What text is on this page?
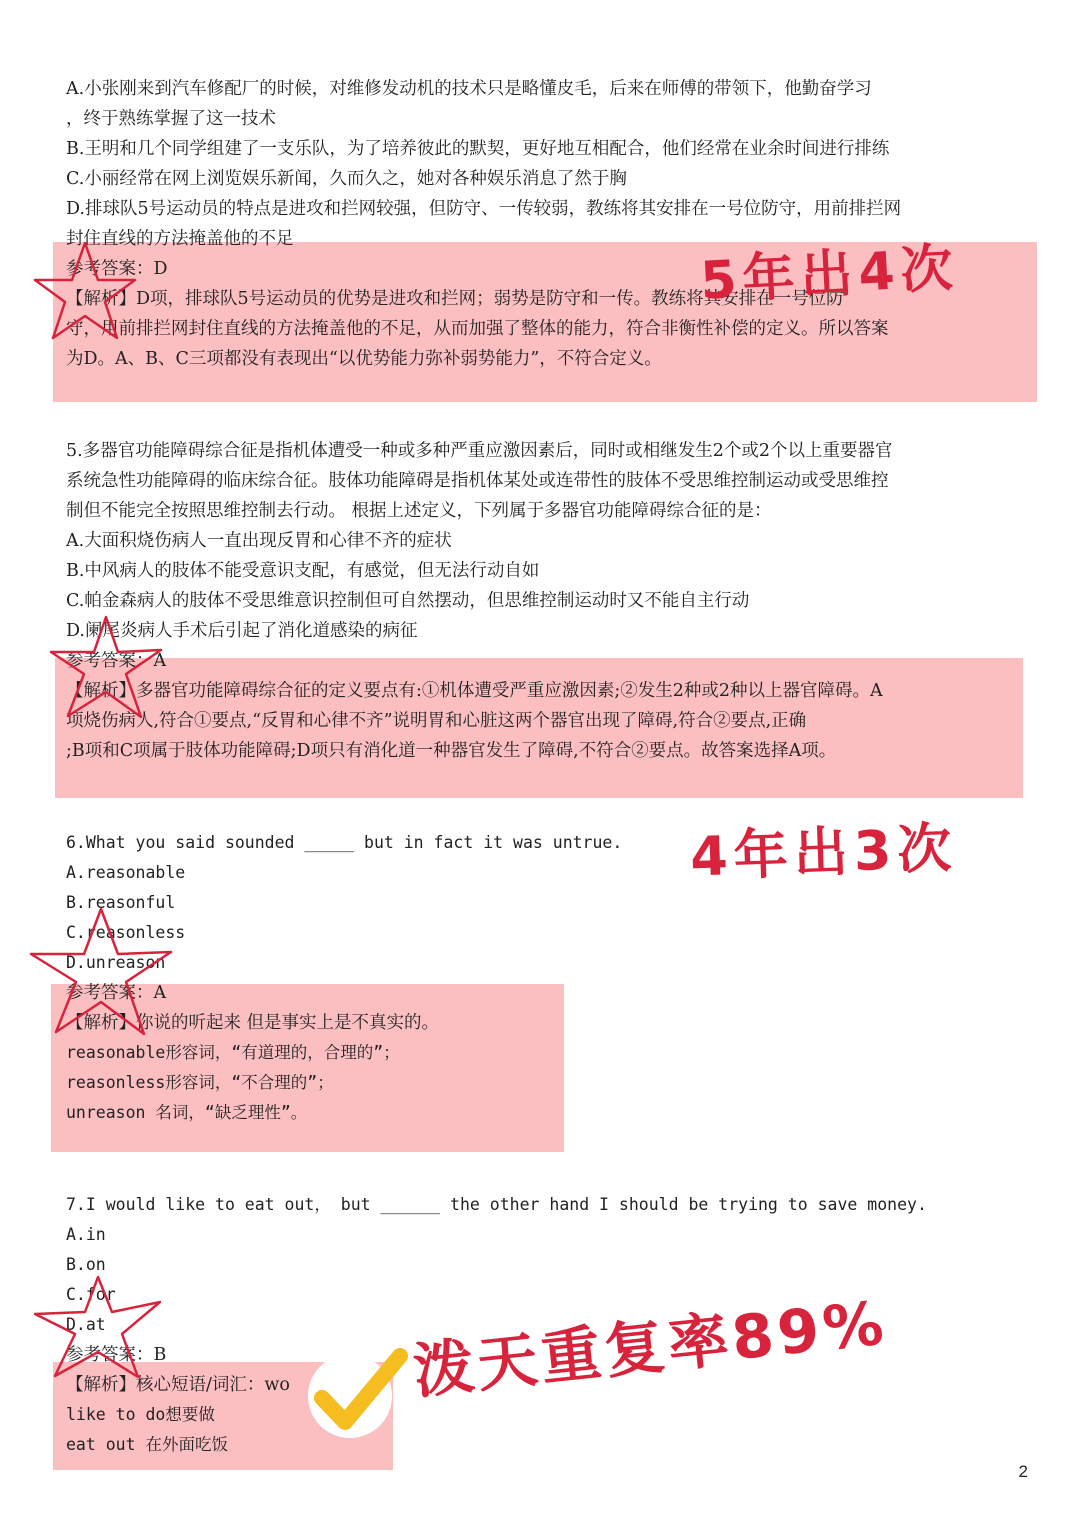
A.小张刚来到汽车修配厂的时候，对维修发动机的技术只是略懂皮毛，后来在师傅的带领下，他勤奋学习
，终于熟练掌握了这一技术
B.王明和几个同学组建了一支乐队，为了培养彼此的默契，更好地互相配合，他们经常在业余时间进行排练
C.小丽经常在网上浏览娱乐新闻，久而久之，她对各种娱乐消息了然于胸
D.排球队5号运动员的特点是进攻和拦网较强，但防守、一传较弱，教练将其安排在一号位防守，用前排拦网
封住直线的方法掩盖他的不足
参考答案：D
【解析】D项，排球队5号运动员的优势是进攻和拦网；弱势是防守和一传。教练将其安排在一号位防
守，用前排拦网封住直线的方法掩盖他的不足，从而加强了整体的能力，符合非衡性补偿的定义。所以答案
为D。A、B、C三项都没有表现出“以优势能力弥补弱势能力”，不符合定义。
5.多器官功能障碍综合征是指机体遭受一种或多种严重应激因素后，同时或相继发生2个或2个以上重要器官
系统急性功能障碍的临床综合征。肢体功能障碍是指机体某处或连带性的肢体不受思维控制运动或受思维控
制但不能完全按照思维控制去行动。 根据上述定义，下列属于多器官功能障碍综合征的是：
A.大面积烧伤病人一直出现反胃和心律不齐的症状
B.中风病人的肢体不能受意识支配，有感觉，但无法行动自如
C.帕金森病人的肢体不受思维意识控制但可自然摆动，但思维控制运动时又不能自主行动
D.阑尾炎病人手术后引起了消化道感染的病征
参考答案：A
【解析】多器官功能障碍综合征的定义要点有:①机体遭受严重应激因素;②发生2种或2种以上器官障碍。A
项烧伤病人,符合①要点,“反胃和心律不齐”说明胃和心脏这两个器官出现了障碍,符合②要点,正确
;B项和C项属于肢体功能障碍;D项只有消化道一种器官发生了障碍,不符合②要点。故答案选择A项。
6.What you said sounded _____ but in fact it was untrue.
A.reasonable
B.reasonful
C.reasonless
D.unreason
参考答案：A
【解析】你说的听起来 但是事实上是不真实的。
reasonable形容词，“有道理的，合理的”；
reasonless形容词，“不合理的”；
unreason 名词，“缺乏理性”。
7.I would like to eat out， but ______ the other hand I should be trying to save money.
A.in
B.on
C.for
D.at
参考答案：B
【解析】核心短语/词汇：wo
like to do想要做
eat out 在外面吃饭
5年出4次
4年出3次
泼天重复率89%
2
